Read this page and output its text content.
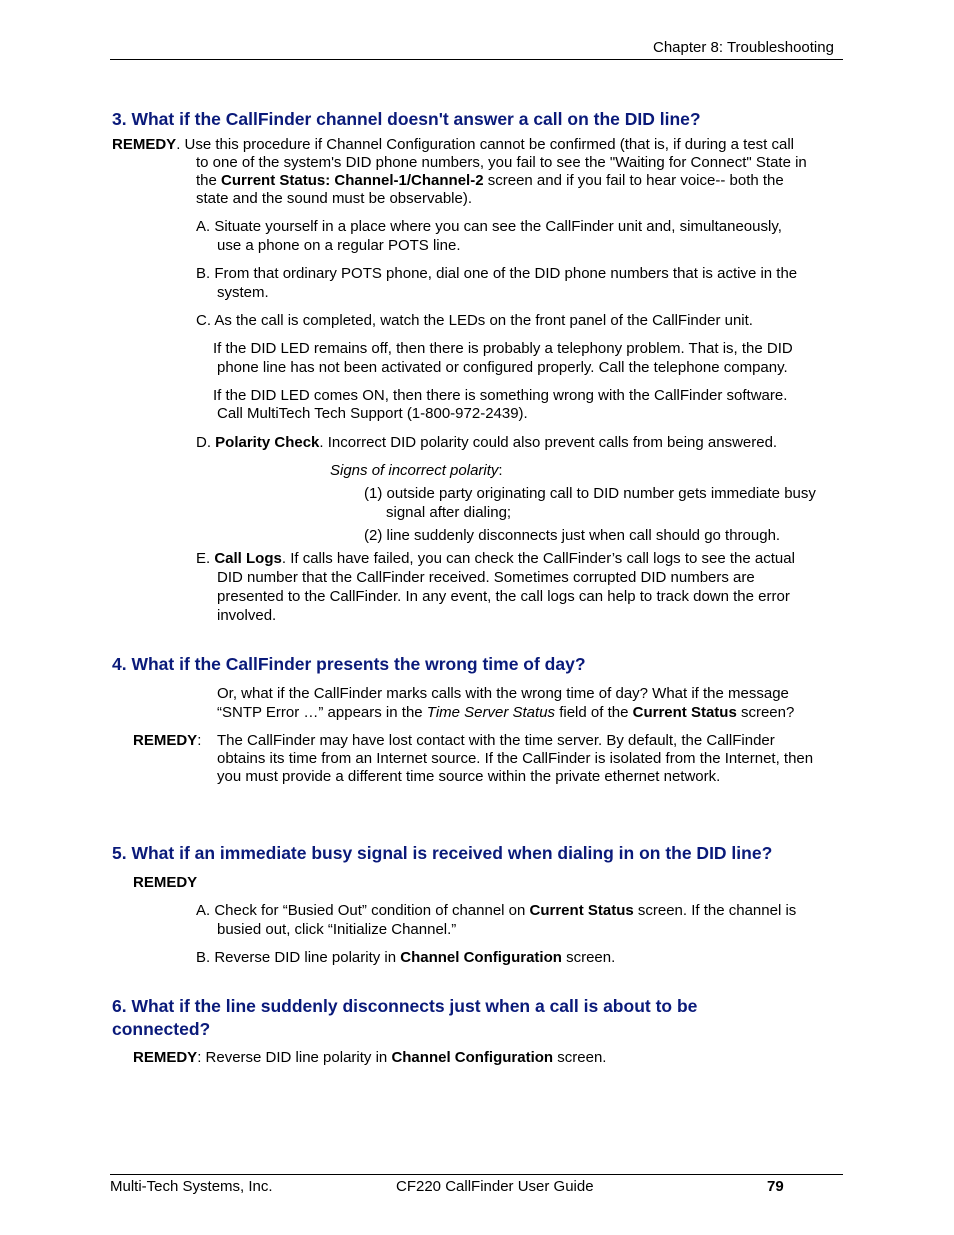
Chapter 8: Troubleshooting
3. What if the CallFinder channel doesn't answer a call on the DID line?
REMEDY. Use this procedure if Channel Configuration cannot be confirmed (that is, if during a test call
to one of the system's DID phone numbers, you fail to see the "Waiting for Connect" State in
the Current Status: Channel-1/Channel-2 screen and if you fail to hear voice-- both the
state and the sound must be observable).
A. Situate yourself in a place where you can see the CallFinder unit and, simultaneously,
use a phone on a regular POTS line.
B. From that ordinary POTS phone, dial one of the DID phone numbers that is active in the
system.
C. As the call is completed, watch the LEDs on the front panel of the CallFinder unit.
If the DID LED remains off, then there is probably a telephony problem. That is, the DID
phone line has not been activated or configured properly. Call the telephone company.
If the DID LED comes ON, then there is something wrong with the CallFinder software.
Call MultiTech Tech Support (1-800-972-2439).
D. Polarity Check. Incorrect DID polarity could also prevent calls from being answered.
Signs of incorrect polarity:
(1) outside party originating call to DID number gets immediate busy
signal after dialing;
(2) line suddenly disconnects just when call should go through.
E. Call Logs. If calls have failed, you can check the CallFinder’s call logs to see the actual
DID number that the CallFinder received. Sometimes corrupted DID numbers are
presented to the CallFinder. In any event, the call logs can help to track down the error
involved.
4. What if the CallFinder presents the wrong time of day?
Or, what if the CallFinder marks calls with the wrong time of day? What if the message
“SNTP Error …” appears in the Time Server Status field of the Current Status screen?
REMEDY: The CallFinder may have lost contact with the time server. By default, the CallFinder
obtains its time from an Internet source. If the CallFinder is isolated from the Internet, then
you must provide a different time source within the private ethernet network.
5. What if an immediate busy signal is received when dialing in on the DID line?
REMEDY
A. Check for “Busied Out” condition of channel on Current Status screen. If the channel is
busied out, click “Initialize Channel.”
B. Reverse DID line polarity in Channel Configuration screen.
6. What if the line suddenly disconnects just when a call is about to be
connected?
REMEDY: Reverse DID line polarity in Channel Configuration screen.
Multi-Tech Systems, Inc.	CF220 CallFinder User Guide	79
